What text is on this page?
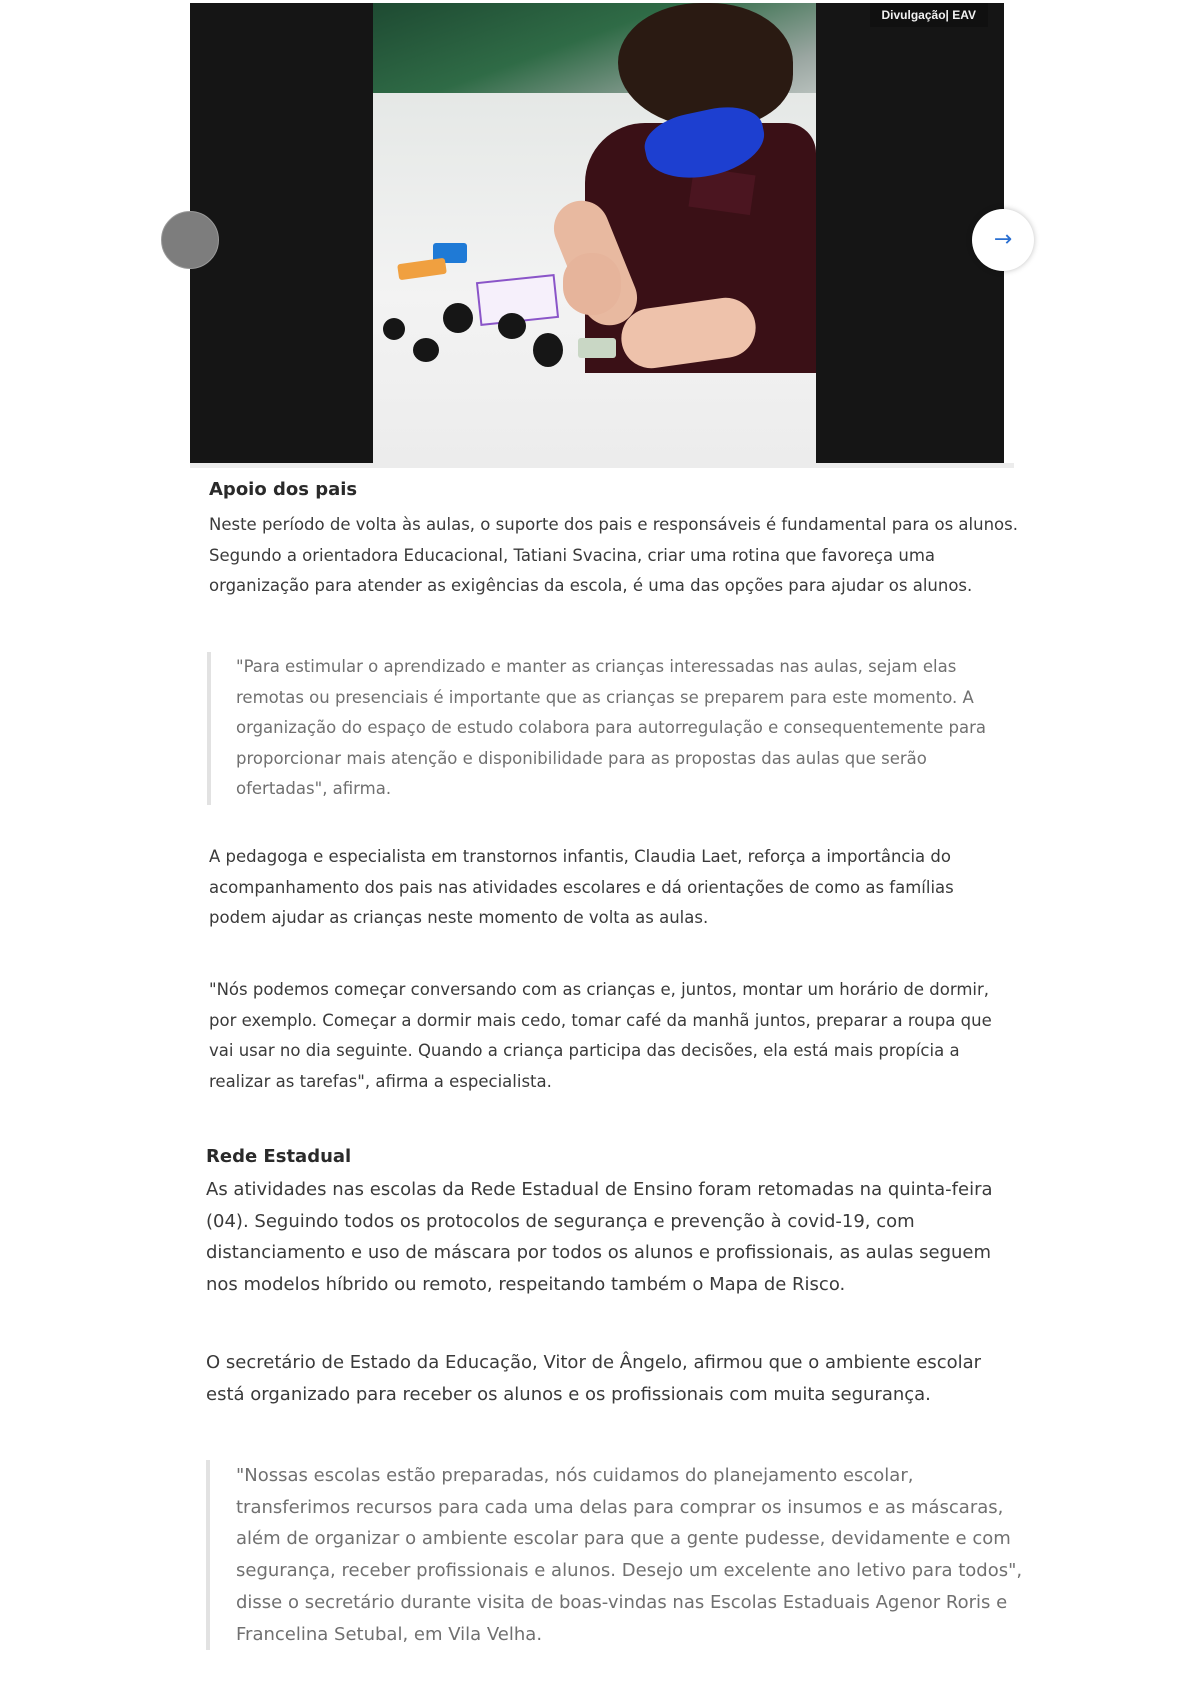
Divulgação| EAV
→
Apoio dos pais

Neste período de volta às aulas, o suporte dos pais e responsáveis é fundamental para os alunos. Segundo a orientadora Educacional, Tatiani Svacina, criar uma rotina que favoreça uma organização para atender as exigências da escola, é uma das opções para ajudar os alunos.

"Para estimular o aprendizado e manter as crianças interessadas nas aulas, sejam elas remotas ou presenciais é importante que as crianças se preparem para este momento. A organização do espaço de estudo colabora para autorregulação e consequentemente para proporcionar mais atenção e disponibilidade para as propostas das aulas que serão ofertadas", afirma.

A pedagoga e especialista em transtornos infantis, Claudia Laet, reforça a importância do acompanhamento dos pais nas atividades escolares e dá orientações de como as famílias podem ajudar as crianças neste momento de volta as aulas.

"Nós podemos começar conversando com as crianças e, juntos, montar um horário de dormir, por exemplo. Começar a dormir mais cedo, tomar café da manhã juntos, preparar a roupa que vai usar no dia seguinte. Quando a criança participa das decisões, ela está mais propícia a realizar as tarefas", afirma a especialista.

Rede Estadual

As atividades nas escolas da Rede Estadual de Ensino foram retomadas na quinta-feira (04). Seguindo todos os protocolos de segurança e prevenção à covid-19, com distanciamento e uso de máscara por todos os alunos e profissionais, as aulas seguem nos modelos híbrido ou remoto, respeitando também o Mapa de Risco.

O secretário de Estado da Educação, Vitor de Ângelo, afirmou que o ambiente escolar está organizado para receber os alunos e os profissionais com muita segurança.

"Nossas escolas estão preparadas, nós cuidamos do planejamento escolar, transferimos recursos para cada uma delas para comprar os insumos e as máscaras, além de organizar o ambiente escolar para que a gente pudesse, devidamente e com segurança, receber profissionais e alunos. Desejo um excelente ano letivo para todos", disse o secretário durante visita de boas-vindas nas Escolas Estaduais Agenor Roris e Francelina Setubal, em Vila Velha.
